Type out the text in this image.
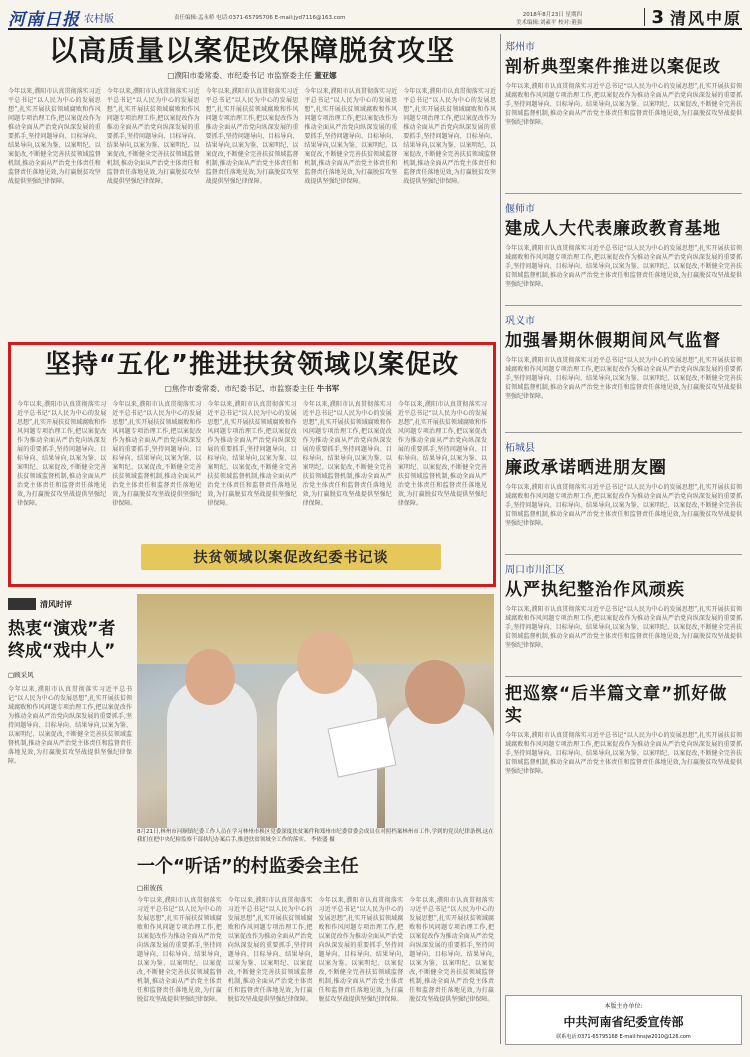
河南日报 农村版	责任编辑:孟永桥 电话:0371-65795706 E-mail:jyd7116@163.com	2018年8月23日 星期四
美术编辑:刘素平 校对:董强	3 清风中原
以高质量以案促改保障脱贫攻坚
□濮阳市委常委、市纪委书记 市监察委主任 董亚娜
今年以来,濮阳市认真贯彻落实习近平总书记“以人民为中心的发展思想”,扎实开展扶贫领域腐败和作风问题专项治理工作,把以案促改作为推动全面从严治党向纵深发展的重要抓手,坚持问题导向、目标导向、结果导向,以案为鉴、以案明纪、以案促改,不断健全完善扶贫领域监督机制,推动全面从严治党主体责任和监督责任落地见效,为打赢脱贫攻坚战提供坚强纪律保障。
今年以来,濮阳市认真贯彻落实习近平总书记“以人民为中心的发展思想”,扎实开展扶贫领域腐败和作风问题专项治理工作,把以案促改作为推动全面从严治党向纵深发展的重要抓手,坚持问题导向、目标导向、结果导向,以案为鉴、以案明纪、以案促改,不断健全完善扶贫领域监督机制,推动全面从严治党主体责任和监督责任落地见效,为打赢脱贫攻坚战提供坚强纪律保障。
今年以来,濮阳市认真贯彻落实习近平总书记“以人民为中心的发展思想”,扎实开展扶贫领域腐败和作风问题专项治理工作,把以案促改作为推动全面从严治党向纵深发展的重要抓手,坚持问题导向、目标导向、结果导向,以案为鉴、以案明纪、以案促改,不断健全完善扶贫领域监督机制,推动全面从严治党主体责任和监督责任落地见效,为打赢脱贫攻坚战提供坚强纪律保障。
今年以来,濮阳市认真贯彻落实习近平总书记“以人民为中心的发展思想”,扎实开展扶贫领域腐败和作风问题专项治理工作,把以案促改作为推动全面从严治党向纵深发展的重要抓手,坚持问题导向、目标导向、结果导向,以案为鉴、以案明纪、以案促改,不断健全完善扶贫领域监督机制,推动全面从严治党主体责任和监督责任落地见效,为打赢脱贫攻坚战提供坚强纪律保障。
今年以来,濮阳市认真贯彻落实习近平总书记“以人民为中心的发展思想”,扎实开展扶贫领域腐败和作风问题专项治理工作,把以案促改作为推动全面从严治党向纵深发展的重要抓手,坚持问题导向、目标导向、结果导向,以案为鉴、以案明纪、以案促改,不断健全完善扶贫领域监督机制,推动全面从严治党主体责任和监督责任落地见效,为打赢脱贫攻坚战提供坚强纪律保障。
坚持“五化”推进扶贫领域以案促改
□焦作市委常委、市纪委书记、市监察委主任 牛书军
今年以来,濮阳市认真贯彻落实习近平总书记“以人民为中心的发展思想”,扎实开展扶贫领域腐败和作风问题专项治理工作,把以案促改作为推动全面从严治党向纵深发展的重要抓手,坚持问题导向、目标导向、结果导向,以案为鉴、以案明纪、以案促改,不断健全完善扶贫领域监督机制,推动全面从严治党主体责任和监督责任落地见效,为打赢脱贫攻坚战提供坚强纪律保障。
今年以来,濮阳市认真贯彻落实习近平总书记“以人民为中心的发展思想”,扎实开展扶贫领域腐败和作风问题专项治理工作,把以案促改作为推动全面从严治党向纵深发展的重要抓手,坚持问题导向、目标导向、结果导向,以案为鉴、以案明纪、以案促改,不断健全完善扶贫领域监督机制,推动全面从严治党主体责任和监督责任落地见效,为打赢脱贫攻坚战提供坚强纪律保障。
今年以来,濮阳市认真贯彻落实习近平总书记“以人民为中心的发展思想”,扎实开展扶贫领域腐败和作风问题专项治理工作,把以案促改作为推动全面从严治党向纵深发展的重要抓手,坚持问题导向、目标导向、结果导向,以案为鉴、以案明纪、以案促改,不断健全完善扶贫领域监督机制,推动全面从严治党主体责任和监督责任落地见效,为打赢脱贫攻坚战提供坚强纪律保障。
今年以来,濮阳市认真贯彻落实习近平总书记“以人民为中心的发展思想”,扎实开展扶贫领域腐败和作风问题专项治理工作,把以案促改作为推动全面从严治党向纵深发展的重要抓手,坚持问题导向、目标导向、结果导向,以案为鉴、以案明纪、以案促改,不断健全完善扶贫领域监督机制,推动全面从严治党主体责任和监督责任落地见效,为打赢脱贫攻坚战提供坚强纪律保障。
今年以来,濮阳市认真贯彻落实习近平总书记“以人民为中心的发展思想”,扎实开展扶贫领域腐败和作风问题专项治理工作,把以案促改作为推动全面从严治党向纵深发展的重要抓手,坚持问题导向、目标导向、结果导向,以案为鉴、以案明纪、以案促改,不断健全完善扶贫领域监督机制,推动全面从严治党主体责任和监督责任落地见效,为打赢脱贫攻坚战提供坚强纪律保障。
扶贫领域以案促改纪委书记谈
清风时评
热衷“演戏”者
终成“戏中人”
□顾采风
今年以来,濮阳市认真贯彻落实习近平总书记“以人民为中心的发展思想”,扎实开展扶贫领域腐败和作风问题专项治理工作,把以案促改作为推动全面从严治党向纵深发展的重要抓手,坚持问题导向、目标导向、结果导向,以案为鉴、以案明纪、以案促改,不断健全完善扶贫领域监督机制,推动全面从严治党主体责任和监督责任落地见效,为打赢脱贫攻坚战提供坚强纪律保障。
8月21日,林州市河顺镇纪委工作人员在学习林州市换区党委深度扶贫案件和郑州市纪委常委会成员在对照档案林州市工作,学到的党员纪律条例,这在我们在把中央纪检监察干部执纪办案后手,推进扶贫领域全工作的落实。 李依盛 摄
一个“听话”的村监委会主任
□崔彼孩
今年以来,濮阳市认真贯彻落实习近平总书记“以人民为中心的发展思想”,扎实开展扶贫领域腐败和作风问题专项治理工作,把以案促改作为推动全面从严治党向纵深发展的重要抓手,坚持问题导向、目标导向、结果导向,以案为鉴、以案明纪、以案促改,不断健全完善扶贫领域监督机制,推动全面从严治党主体责任和监督责任落地见效,为打赢脱贫攻坚战提供坚强纪律保障。
今年以来,濮阳市认真贯彻落实习近平总书记“以人民为中心的发展思想”,扎实开展扶贫领域腐败和作风问题专项治理工作,把以案促改作为推动全面从严治党向纵深发展的重要抓手,坚持问题导向、目标导向、结果导向,以案为鉴、以案明纪、以案促改,不断健全完善扶贫领域监督机制,推动全面从严治党主体责任和监督责任落地见效,为打赢脱贫攻坚战提供坚强纪律保障。
今年以来,濮阳市认真贯彻落实习近平总书记“以人民为中心的发展思想”,扎实开展扶贫领域腐败和作风问题专项治理工作,把以案促改作为推动全面从严治党向纵深发展的重要抓手,坚持问题导向、目标导向、结果导向,以案为鉴、以案明纪、以案促改,不断健全完善扶贫领域监督机制,推动全面从严治党主体责任和监督责任落地见效,为打赢脱贫攻坚战提供坚强纪律保障。
今年以来,濮阳市认真贯彻落实习近平总书记“以人民为中心的发展思想”,扎实开展扶贫领域腐败和作风问题专项治理工作,把以案促改作为推动全面从严治党向纵深发展的重要抓手,坚持问题导向、目标导向、结果导向,以案为鉴、以案明纪、以案促改,不断健全完善扶贫领域监督机制,推动全面从严治党主体责任和监督责任落地见效,为打赢脱贫攻坚战提供坚强纪律保障。
郑州市
剖析典型案件推进以案促改
今年以来,濮阳市认真贯彻落实习近平总书记“以人民为中心的发展思想”,扎实开展扶贫领域腐败和作风问题专项治理工作,把以案促改作为推动全面从严治党向纵深发展的重要抓手,坚持问题导向、目标导向、结果导向,以案为鉴、以案明纪、以案促改,不断健全完善扶贫领域监督机制,推动全面从严治党主体责任和监督责任落地见效,为打赢脱贫攻坚战提供坚强纪律保障。
偃师市
建成人大代表廉政教育基地
今年以来,濮阳市认真贯彻落实习近平总书记“以人民为中心的发展思想”,扎实开展扶贫领域腐败和作风问题专项治理工作,把以案促改作为推动全面从严治党向纵深发展的重要抓手,坚持问题导向、目标导向、结果导向,以案为鉴、以案明纪、以案促改,不断健全完善扶贫领域监督机制,推动全面从严治党主体责任和监督责任落地见效,为打赢脱贫攻坚战提供坚强纪律保障。
巩义市
加强暑期休假期间风气监督
今年以来,濮阳市认真贯彻落实习近平总书记“以人民为中心的发展思想”,扎实开展扶贫领域腐败和作风问题专项治理工作,把以案促改作为推动全面从严治党向纵深发展的重要抓手,坚持问题导向、目标导向、结果导向,以案为鉴、以案明纪、以案促改,不断健全完善扶贫领域监督机制,推动全面从严治党主体责任和监督责任落地见效,为打赢脱贫攻坚战提供坚强纪律保障。
柘城县
廉政承诺晒进朋友圈
今年以来,濮阳市认真贯彻落实习近平总书记“以人民为中心的发展思想”,扎实开展扶贫领域腐败和作风问题专项治理工作,把以案促改作为推动全面从严治党向纵深发展的重要抓手,坚持问题导向、目标导向、结果导向,以案为鉴、以案明纪、以案促改,不断健全完善扶贫领域监督机制,推动全面从严治党主体责任和监督责任落地见效,为打赢脱贫攻坚战提供坚强纪律保障。
周口市川汇区
从严执纪整治作风顽疾
今年以来,濮阳市认真贯彻落实习近平总书记“以人民为中心的发展思想”,扎实开展扶贫领域腐败和作风问题专项治理工作,把以案促改作为推动全面从严治党向纵深发展的重要抓手,坚持问题导向、目标导向、结果导向,以案为鉴、以案明纪、以案促改,不断健全完善扶贫领域监督机制,推动全面从严治党主体责任和监督责任落地见效,为打赢脱贫攻坚战提供坚强纪律保障。
把巡察“后半篇文章”抓好做实
今年以来,濮阳市认真贯彻落实习近平总书记“以人民为中心的发展思想”,扎实开展扶贫领域腐败和作风问题专项治理工作,把以案促改作为推动全面从严治党向纵深发展的重要抓手,坚持问题导向、目标导向、结果导向,以案为鉴、以案明纪、以案促改,不断健全完善扶贫领域监督机制,推动全面从严治党主体责任和监督责任落地见效,为打赢脱贫攻坚战提供坚强纪律保障。
本版主办单位:
中共河南省纪委宣传部
联系电话:0371-65795168 E-mail:hnsjw2010@126.com
